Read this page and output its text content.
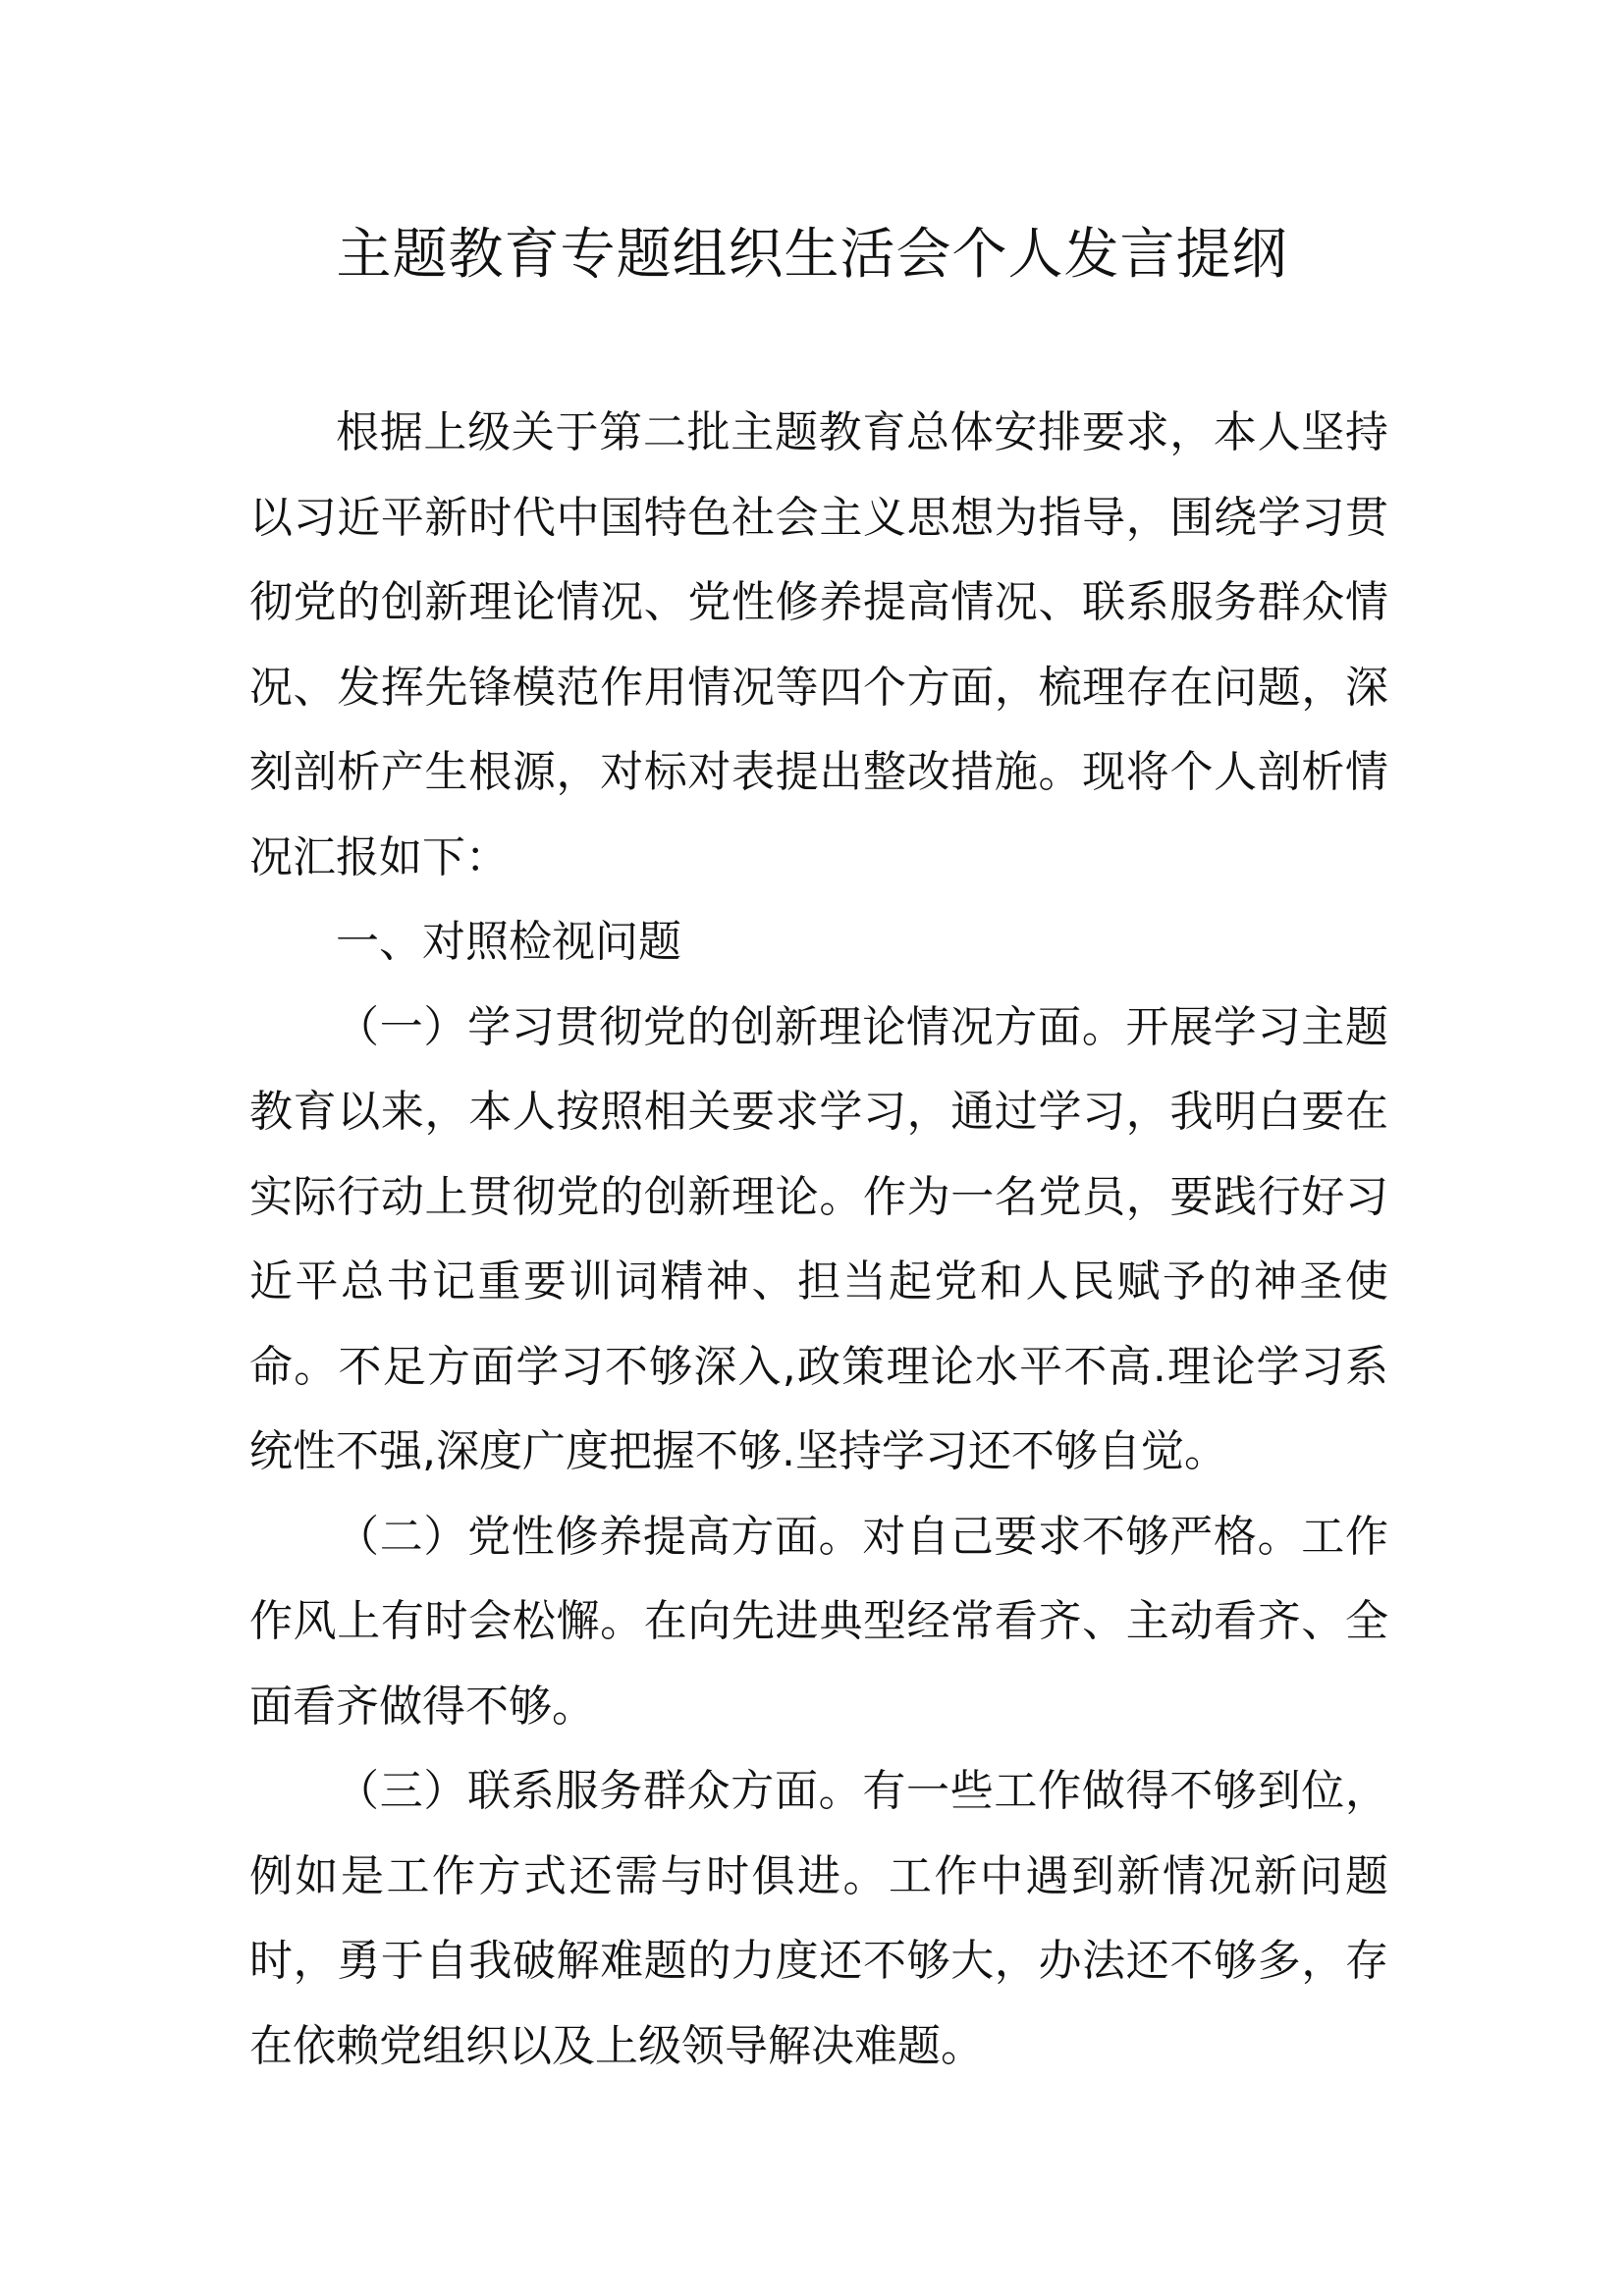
主题教育专题组织生活会个人发言提纲

根据上级关于第二批主题教育总体安排要求，本人坚持以习近平新时代中国特色社会主义思想为指导，围绕学习贯彻党的创新理论情况、党性修养提高情况、联系服务群众情况、发挥先锋模范作用情况等四个方面，梳理存在问题，深刻剖析产生根源，对标对表提出整改措施。现将个人剖析情况汇报如下：

一、对照检视问题

（一）学习贯彻党的创新理论情况方面。开展学习主题教育以来，本人按照相关要求学习，通过学习，我明白要在实际行动上贯彻党的创新理论。作为一名党员，要践行好习近平总书记重要训词精神、担当起党和人民赋予的神圣使命。不足方面学习不够深入,政策理论水平不高.理论学习系统性不强,深度广度把握不够.坚持学习还不够自觉。

（二）党性修养提高方面。对自己要求不够严格。工作作风上有时会松懈。在向先进典型经常看齐、主动看齐、全面看齐做得不够。

（三）联系服务群众方面。有一些工作做得不够到位，例如是工作方式还需与时俱进。工作中遇到新情况新问题时，勇于自我破解难题的力度还不够大，办法还不够多，存在依赖党组织以及上级领导解决难题。
